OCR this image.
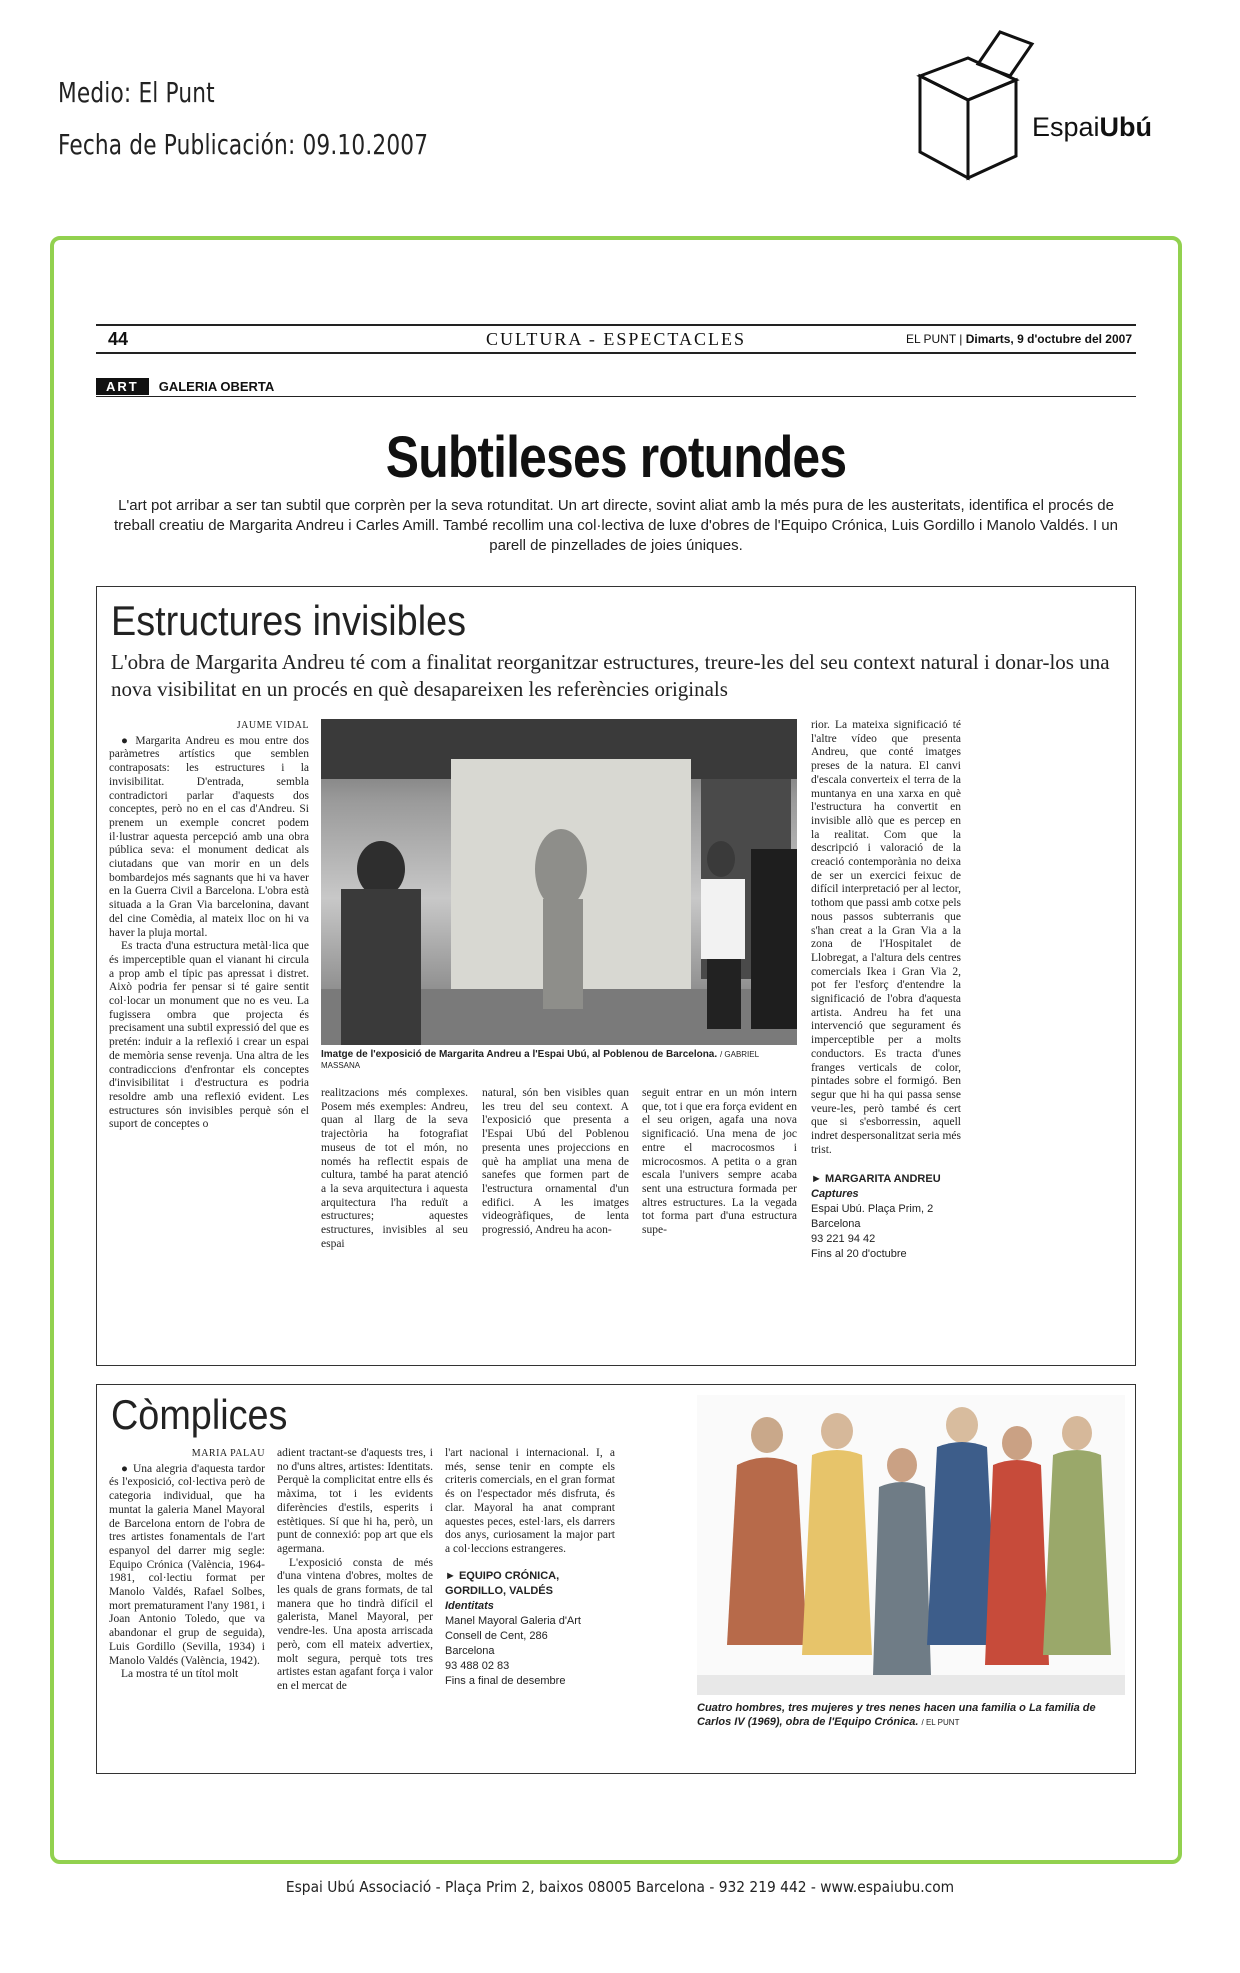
Medio: El Punt
Fecha de Publicación: 09.10.2007
EspaiUbú
44	CULTURA - ESPECTACLES	EL PUNT | Dimarts, 9 d'octubre del 2007
ART	GALERIA OBERTA
Subtileses rotundes
L'art pot arribar a ser tan subtil que corprèn per la seva rotunditat. Un art directe, sovint aliat amb la més pura de les austeritats, identifica el procés de treball creatiu de Margarita Andreu i Carles Amill. També recollim una col·lectiva de luxe d'obres de l'Equipo Crónica, Luis Gordillo i Manolo Valdés. I un parell de pinzellades de joies úniques.
Estructures invisibles
L'obra de Margarita Andreu té com a finalitat reorganitzar estructures, treure-les del seu context natural i donar-los una nova visibilitat en un procés en què desapareixen les referències originals
JAUME VIDAL

● Margarita Andreu es mou entre dos paràmetres artístics que semblen contraposats: les estructures i la invisibilitat. D'entrada, sembla contradictori parlar d'aquests dos conceptes, però no en el cas d'Andreu. Si prenem un exemple concret podem il·lustrar aquesta percepció amb una obra pública seva: el monument dedicat als ciutadans que van morir en un dels bombardejos més sagnants que hi va haver en la Guerra Civil a Barcelona. L'obra està situada a la Gran Via barcelonina, davant del cine Comèdia, al mateix lloc on hi va haver la pluja mortal.

Es tracta d'una estructura metàl·lica que és imperceptible quan el vianant hi circula a prop amb el típic pas apressat i distret. Això podria fer pensar si té gaire sentit col·locar un monument que no es veu. La fugissera ombra que projecta és precisament una subtil expressió del que es pretén: induir a la reflexió i crear un espai de memòria sense revenja. Una altra de les contradiccions d'enfrontar els conceptes d'invisibilitat i d'estructura es podria resoldre amb una reflexió evident. Les estructures són invisibles perquè són el suport de conceptes o

Imatge de l'exposició de Margarita Andreu a l'Espai Ubú, al Poblenou de Barcelona. / GABRIEL MASSANA

realitzacions més complexes. Posem més exemples: Andreu, quan al llarg de la seva trajectòria ha fotografiat museus de tot el món, no només ha reflectit espais de cultura, també ha parat atenció a la seva arquitectura i aquesta arquitectura l'ha reduït a estructures; aquestes estructures, invisibles al seu espai

natural, són ben visibles quan les treu del seu context. A l'exposició que presenta a l'Espai Ubú del Poblenou presenta unes projeccions en què ha ampliat una mena de sanefes que formen part de l'estructura ornamental d'un edifici. A les imatges videogràfiques, de lenta progressió, Andreu ha acon-

seguit entrar en un món intern que, tot i que era força evident en el seu origen, agafa una nova significació. Una mena de joc entre el macrocosmos i microcosmos. A petita o a gran escala l'univers sempre acaba sent una estructura formada per altres estructures. La la vegada tot forma part d'una estructura supe-

rior. La mateixa significació té l'altre vídeo que presenta Andreu, que conté imatges preses de la natura. El canvi d'escala converteix el terra de la muntanya en una xarxa en què l'estructura ha convertit en invisible allò que es percep en la realitat. Com que la descripció i valoració de la creació contemporània no deixa de ser un exercici feixuc de difícil interpretació per al lector, tothom que passi amb cotxe pels nous passos subterranis que s'han creat a la Gran Via a la zona de l'Hospitalet de Llobregat, a l'altura dels centres comercials Ikea i Gran Via 2, pot fer l'esforç d'entendre la significació de l'obra d'aquesta artista. Andreu ha fet una intervenció que segurament és imperceptible per a molts conductors. Es tracta d'unes franges verticals de color, pintades sobre el formigó. Ben segur que hi ha qui passa sense veure-les, però també és cert que si s'esborressin, aquell indret despersonalitzat seria més trist.

► MARGARITA ANDREU
Captures
Espai Ubú. Plaça Prim, 2
Barcelona
93 221 94 42
Fins al 20 d'octubre
Còmplices
MARIA PALAU

● Una alegria d'aquesta tardor és l'exposició, col·lectiva però de categoria individual, que ha muntat la galeria Manel Mayoral de Barcelona entorn de l'obra de tres artistes fonamentals de l'art espanyol del darrer mig segle: Equipo Crónica (València, 1964-1981, col·lectiu format per Manolo Valdés, Rafael Solbes, mort prematurament l'any 1981, i Joan Antonio Toledo, que va abandonar el grup de seguida), Luis Gordillo (Sevilla, 1934) i Manolo Valdés (València, 1942).

La mostra té un títol molt

adient tractant-se d'aquests tres, i no d'uns altres, artistes: Identitats. Perquè la complicitat entre ells és màxima, tot i les evidents diferències d'estils, esperits i estètiques. Sí que hi ha, però, un punt de connexió: pop art que els agermana.

L'exposició consta de més d'una vintena d'obres, moltes de les quals de grans formats, de tal manera que ho tindrà difícil el galerista, Manel Mayoral, per vendre-les. Una aposta arriscada però, com ell mateix advertiex, molt segura, perquè tots tres artistes estan agafant força i valor en el mercat de

l'art nacional i internacional. I, a més, sense tenir en compte els criteris comercials, en el gran format és on l'espectador més disfruta, és clar. Mayoral ha anat comprant aquestes peces, estel·lars, els darrers dos anys, curiosament la major part a col·leccions estrangeres.

► EQUIPO CRÓNICA,
GORDILLO, VALDÉS
Identitats
Manel Mayoral Galeria d'Art
Consell de Cent, 286
Barcelona
93 488 02 83
Fins a final de desembre
Cuatro hombres, tres mujeres y tres nenes hacen una familia o La familia de Carlos IV (1969), obra de l'Equipo Crónica. / EL PUNT
Espai Ubú Associació - Plaça Prim 2, baixos 08005 Barcelona - 932 219 442 - www.espaiubu.com
